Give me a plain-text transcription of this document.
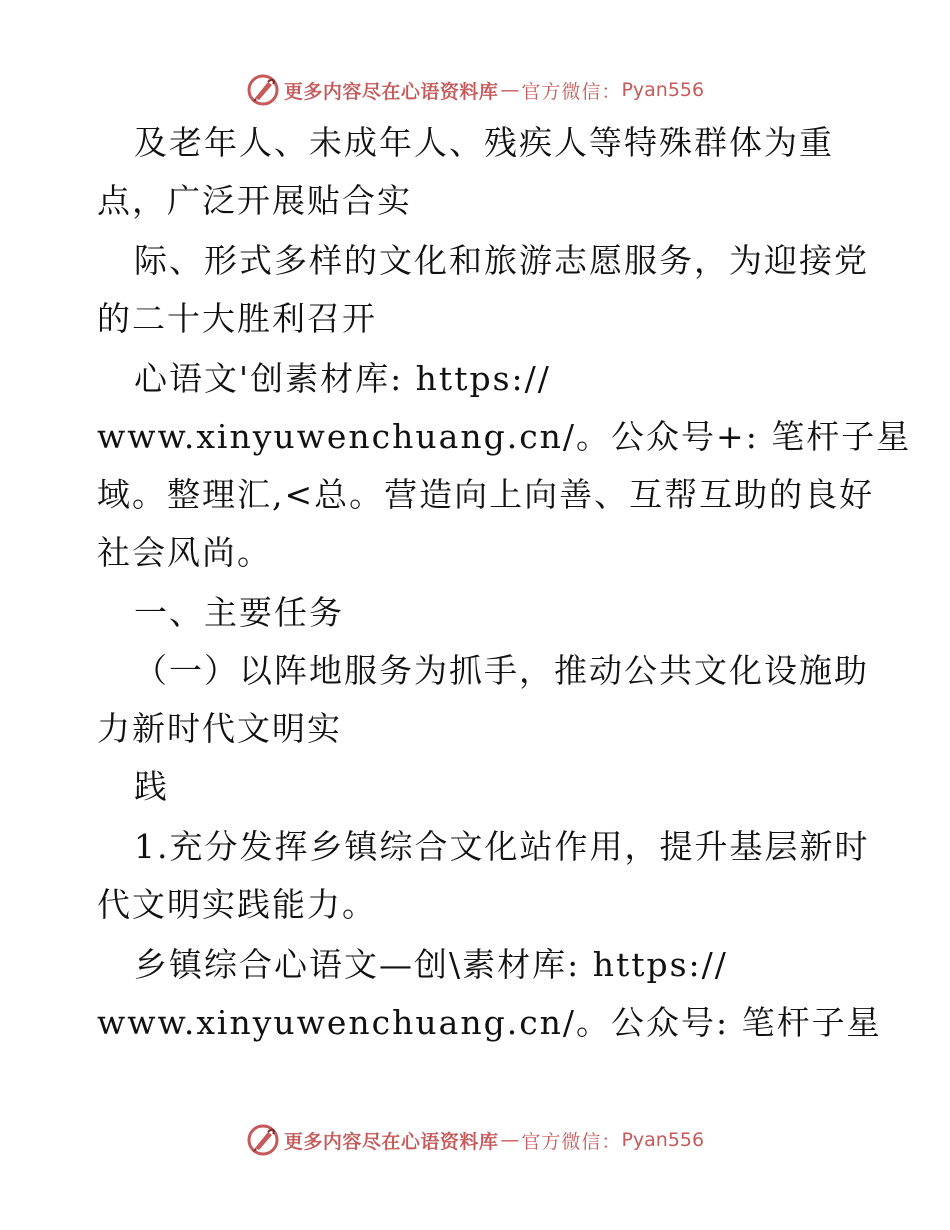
更多内容尽在心语资料库 — 官方微信： Pyan556
及老年人、未成年人、残疾人等特殊群体为重
点，广泛开展贴合实
际、形式多样的文化和旅游志愿服务，为迎接党
的二十大胜利召开
心语文'创素材库: https://
www.xinyuwenchuang.cn/。公众号+: 笔杆子星
域。整理汇,<总。营造向上向善、互帮互助的良好
社会风尚。
一、主要任务
（一）以阵地服务为抓手，推动公共文化设施助
力新时代文明实
践
1.充分发挥乡镇综合文化站作用，提升基层新时
代文明实践能力。
乡镇综合心语文—创\素材库: https://
www.xinyuwenchuang.cn/。公众号: 笔杆子星
更多内容尽在心语资料库 — 官方微信： Pyan556
